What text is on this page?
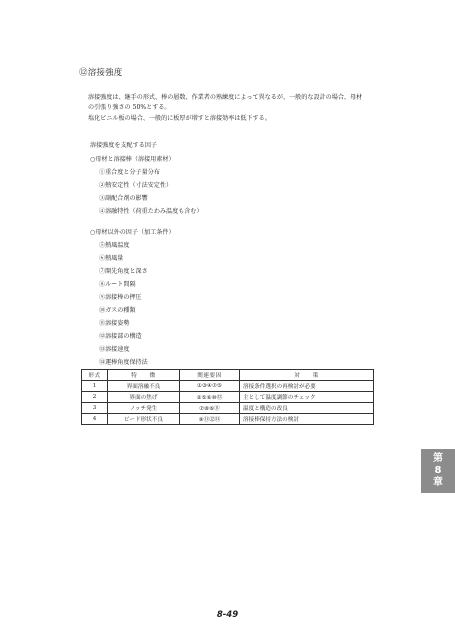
⑫溶接強度
溶接強度は、継手の形式、棒の層数、作業者の熟練度によって異なるが、一般的な設計の場合、母材
の引張り強さの 50%とする。
塩化ビニル板の場合、一般的に板厚が増すと溶接効率は低下する。
溶接強度を支配する因子
○母材と溶接棒（溶接用素材）
①重合度と分子量分布
②熱安定性（寸法安定性）
③副配合剤の影響
④溶融特性（荷重たわみ温度も含む）
○母材以外の因子（加工条件）
⑤熱風温度
⑥熱風量
⑦開先角度と深さ
⑧ルート間隔
⑨溶接棒の押圧
⑩ガスの種類
⑪溶接姿勢
⑫溶接部の構造
⑬溶接速度
⑭運棒角度保持法
形式	特　　徴	関連要因	対　　策
1	界面溶融不良	①③④⑦⑤	溶接条件選択の再検討が必要
2	界面の焦げ	②⑤⑥⑩⑬	主として温度調節のチェック
3	ノッチ発生	⑦⑧⑥⑪	温度と構造の改良
4	ビード形状不良	⑨⑪⑫⑭	溶接棒保持方法の検討
第
8
章
8-49
